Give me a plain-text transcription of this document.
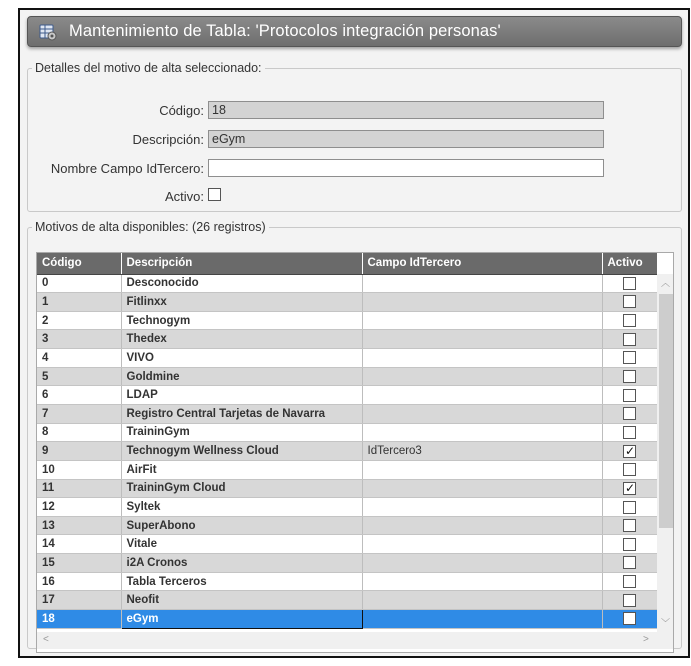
Mantenimiento de Tabla: 'Protocolos integración personas'
Detalles del motivo de alta seleccionado:
Código:
18
Descripción:
eGym
Nombre Campo IdTercero:
Activo:
Motivos de alta disponibles: (26 registros)
Código	Descripción	Campo IdTercero	Activo
0	Desconocido		
1	Fitlinxx		
2	Technogym		
3	Thedex		
4	VIVO		
5	Goldmine		
6	LDAP		
7	Registro Central Tarjetas de Navarra		
8	TraininGym		
9	Technogym Wellness Cloud	IdTercero3	✓
10	AirFit		
11	TraininGym Cloud		✓
12	Syltek		
13	SuperAbono		
14	Vitale		
15	i2A Cronos		
16	Tabla Terceros		
17	Neofit		
18	eGym		
︿
﹀
<	>
